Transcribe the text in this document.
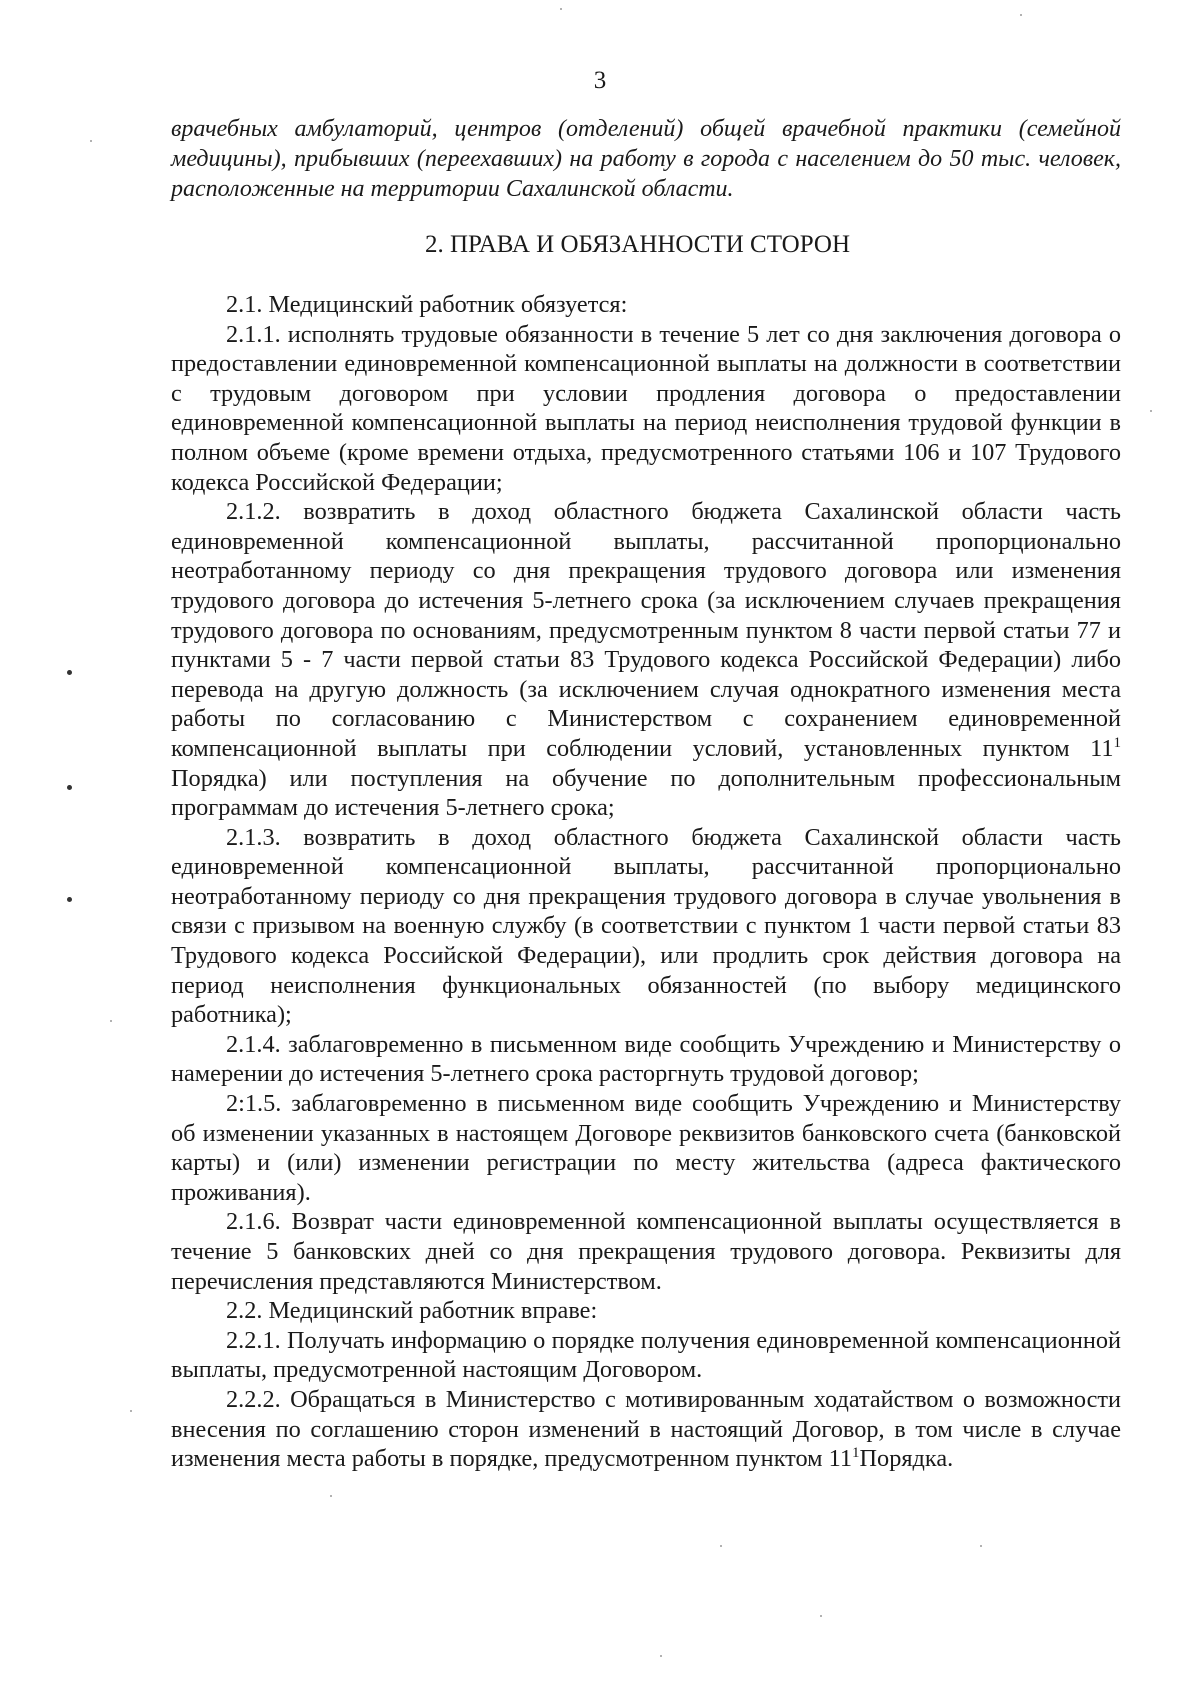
3

врачебных амбулаторий, центров (отделений) общей врачебной практики (семейной медицины), прибывших (переехавших) на работу в города с населением до 50 тыс. человек, расположенные на территории Сахалинской области.

2. ПРАВА И ОБЯЗАННОСТИ СТОРОН

2.1. Медицинский работник обязуется:

2.1.1. исполнять трудовые обязанности в течение 5 лет со дня заключения договора о предоставлении единовременной компенсационной выплаты на должности в соответствии с трудовым договором при условии продления договора о предоставлении единовременной компенсационной выплаты на период неисполнения трудовой функции в полном объеме (кроме времени отдыха, предусмотренного статьями 106 и 107 Трудового кодекса Российской Федерации;

2.1.2. возвратить в доход областного бюджета Сахалинской области часть единовременной компенсационной выплаты, рассчитанной пропорционально неотработанному периоду со дня прекращения трудового договора или изменения трудового договора до истечения 5-летнего срока (за исключением случаев прекращения трудового договора по основаниям, предусмотренным пунктом 8 части первой статьи 77 и пунктами 5 - 7 части первой статьи 83 Трудового кодекса Российской Федерации) либо перевода на другую должность (за исключением случая однократного изменения места работы по согласованию с Министерством с сохранением единовременной компенсационной выплаты при соблюдении условий, установленных пунктом $11^1$ Порядка) или поступления на обучение по дополнительным профессиональным программам до истечения 5-летнего срока;

2.1.3. возвратить в доход областного бюджета Сахалинской области часть единовременной компенсационной выплаты, рассчитанной пропорционально неотработанному периоду со дня прекращения трудового договора в случае увольнения в связи с призывом на военную службу (в соответствии с пунктом 1 части первой статьи 83 Трудового кодекса Российской Федерации), или продлить срок действия договора на период неисполнения функциональных обязанностей (по выбору медицинского работника);

2.1.4. заблаговременно в письменном виде сообщить Учреждению и Министерству о намерении до истечения 5-летнего срока расторгнуть трудовой договор;

2:1.5. заблаговременно в письменном виде сообщить Учреждению и Министерству об изменении указанных в настоящем Договоре реквизитов банковского счета (банковской карты) и (или) изменении регистрации по месту жительства (адреса фактического проживания).

2.1.6. Возврат части единовременной компенсационной выплаты осуществляется в течение 5 банковских дней со дня прекращения трудового договора. Реквизиты для перечисления представляются Министерством.

2.2. Медицинский работник вправе:

2.2.1. Получать информацию о порядке получения единовременной компенсационной выплаты, предусмотренной настоящим Договором.

2.2.2. Обращаться в Министерство с мотивированным ходатайством о возможности внесения по соглашению сторон изменений в настоящий Договор, в том числе в случае изменения места работы в порядке, предусмотренном пунктом $11^1Порядка$.
